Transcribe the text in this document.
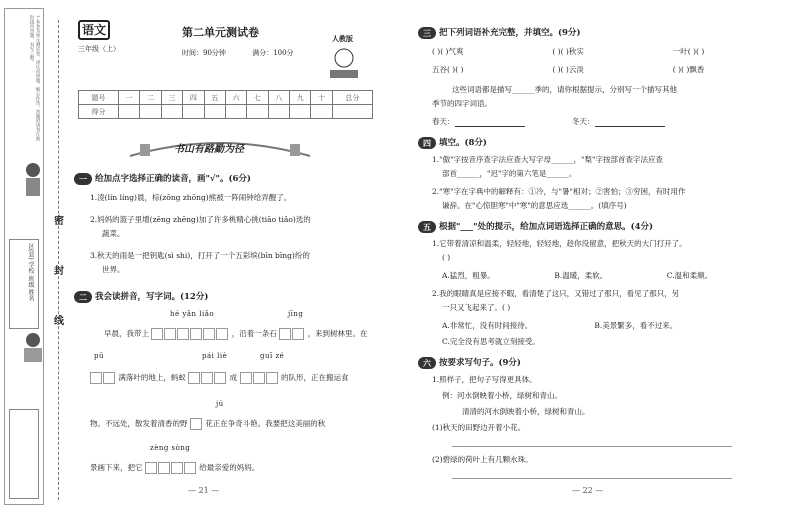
1.本卷为单元测试卷，请认真审题，细心作答。答题时请勿在密封线内答题，书写工整。
区(县) 学校 班级 姓名
密
封
线
语文
三年级（上）
第二单元测试卷	人教版
时间：90分钟	满分：100分
题号	一	二	三	四	五	六	七	八	九	十	总分
得分											
书山有路勤为径
一 给加点字选择正确的读音，画"√"。(6分)
1.凌(lín líng)晨，棕(zōng zhōng)熊被一阵闹钟给弄醒了。
2.妈妈的篮子里增(zēng zhēng)加了许多桃精心挑(tiāo tiǎo)选的
蔬菜。
3.秋天的雨是一把钥匙(sì shi)，打开了一个五彩缤(bīn bīng)纷的
世界。
二 我会读拼音，写字词。(12分)
hé yǎn liǎo	jīng
早晨，我带上	，沿着一条石	，来到树林里。在
pū	pái liè	guī zé
满落叶的地上，蚂蚁	成	的队形，正在搬运食
jú
物。不远处，散发着清香的野 花正在争奇斗艳。我要把这美丽的秋
zèng sòng
景画下来，把它	给最亲爱的妈妈。
— 21 —
三 把下列词语补充完整，并填空。(9分)
( )( )气爽	( )( )秋实	一叶( )( )
五谷( )( )	( )( )云淡	( )( )飘香
这些词语都是描写______季的，请你根据提示，分别写一个描写其他
季节的四字词语。
春天：	冬天：
四 填空。(8分)
1."傲"字按音序查字法应查大写字母______，"梨"字按部首查字法应查
部首______，"迟"字的第六笔是______。
2."寒"字在字典中的解释有：①冷，与"暑"相对；②害怕；③穷困，有时用作
谦辞。在"心惊胆寒"中"寒"的意思应选______。(填序号)
五 根据"___"处的提示，给加点词语选择正确的意思。(4分)
1.它带着清凉和温柔，轻轻地，轻轻地，趁你没留意，把秋天的大门打开了。
( )
A.猛烈，粗暴。	B.温暖，柔软。	C.温和柔顺。
2.我的眼睛真是应接不暇，看清楚了这只，又错过了那只，看见了那只，另
一只又飞起来了。( )
A.非常忙，没有时间接待。	B.美景繁多，看不过来。
C.完全没有思考就立刻接受。
六 按要求写句子。(9分)
1.照样子，把句子写得更具体。
例：河水倒映着小桥，绿树和青山。
清清的河水倒映着小桥，绿树和青山。
(1)秋天的田野边开着小花。
(2)碧绿的荷叶上有几颗水珠。
— 22 —
